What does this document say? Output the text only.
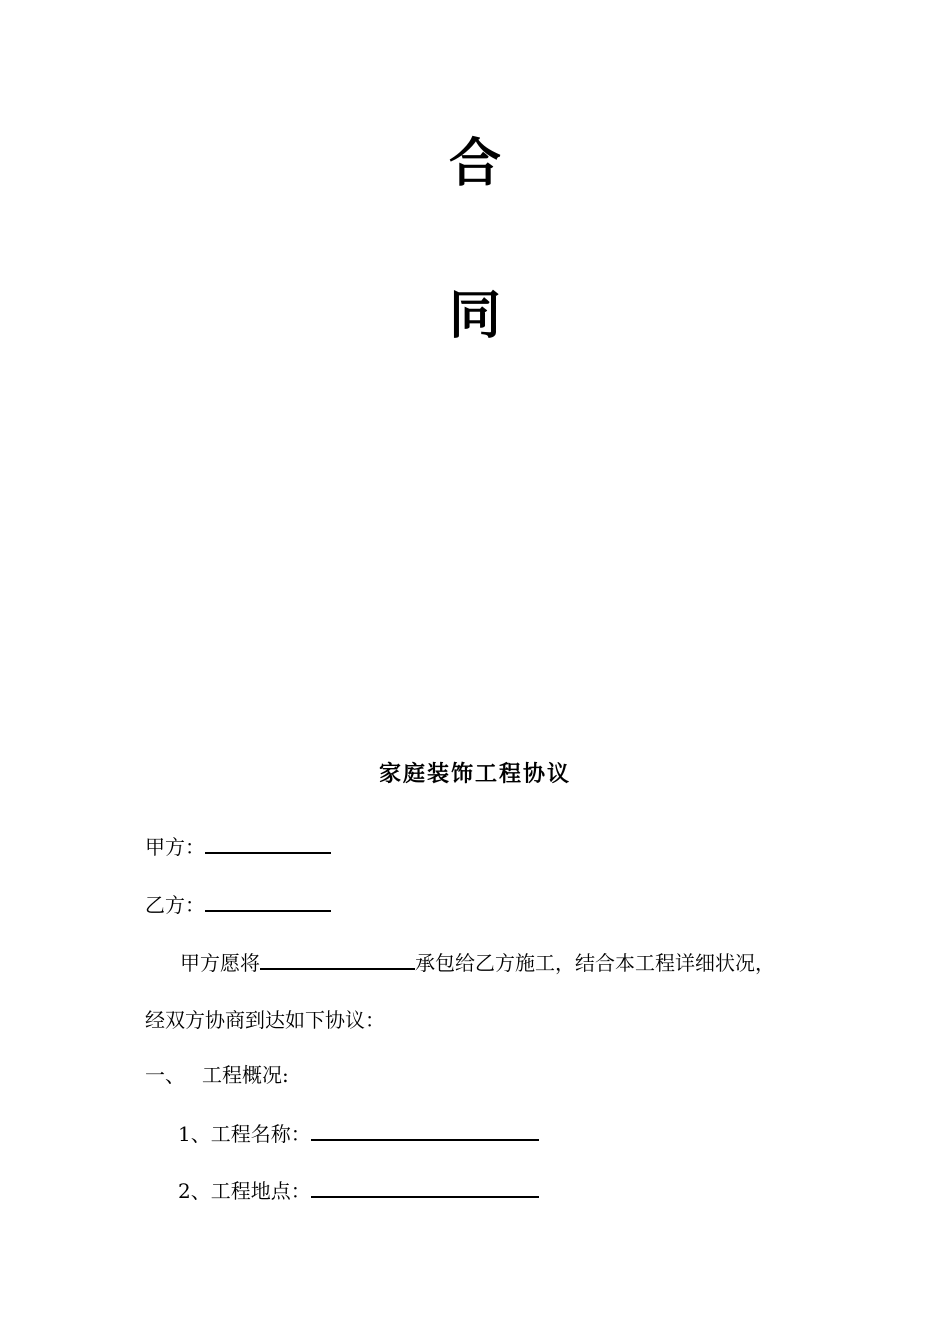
合
同
家庭装饰工程协议
甲方：
乙方：
甲方愿将	承包给乙方施工，结合本工程详细状况，
经双方协商到达如下协议：
一、 工程概况:
1、工程名称：
2、工程地点：
